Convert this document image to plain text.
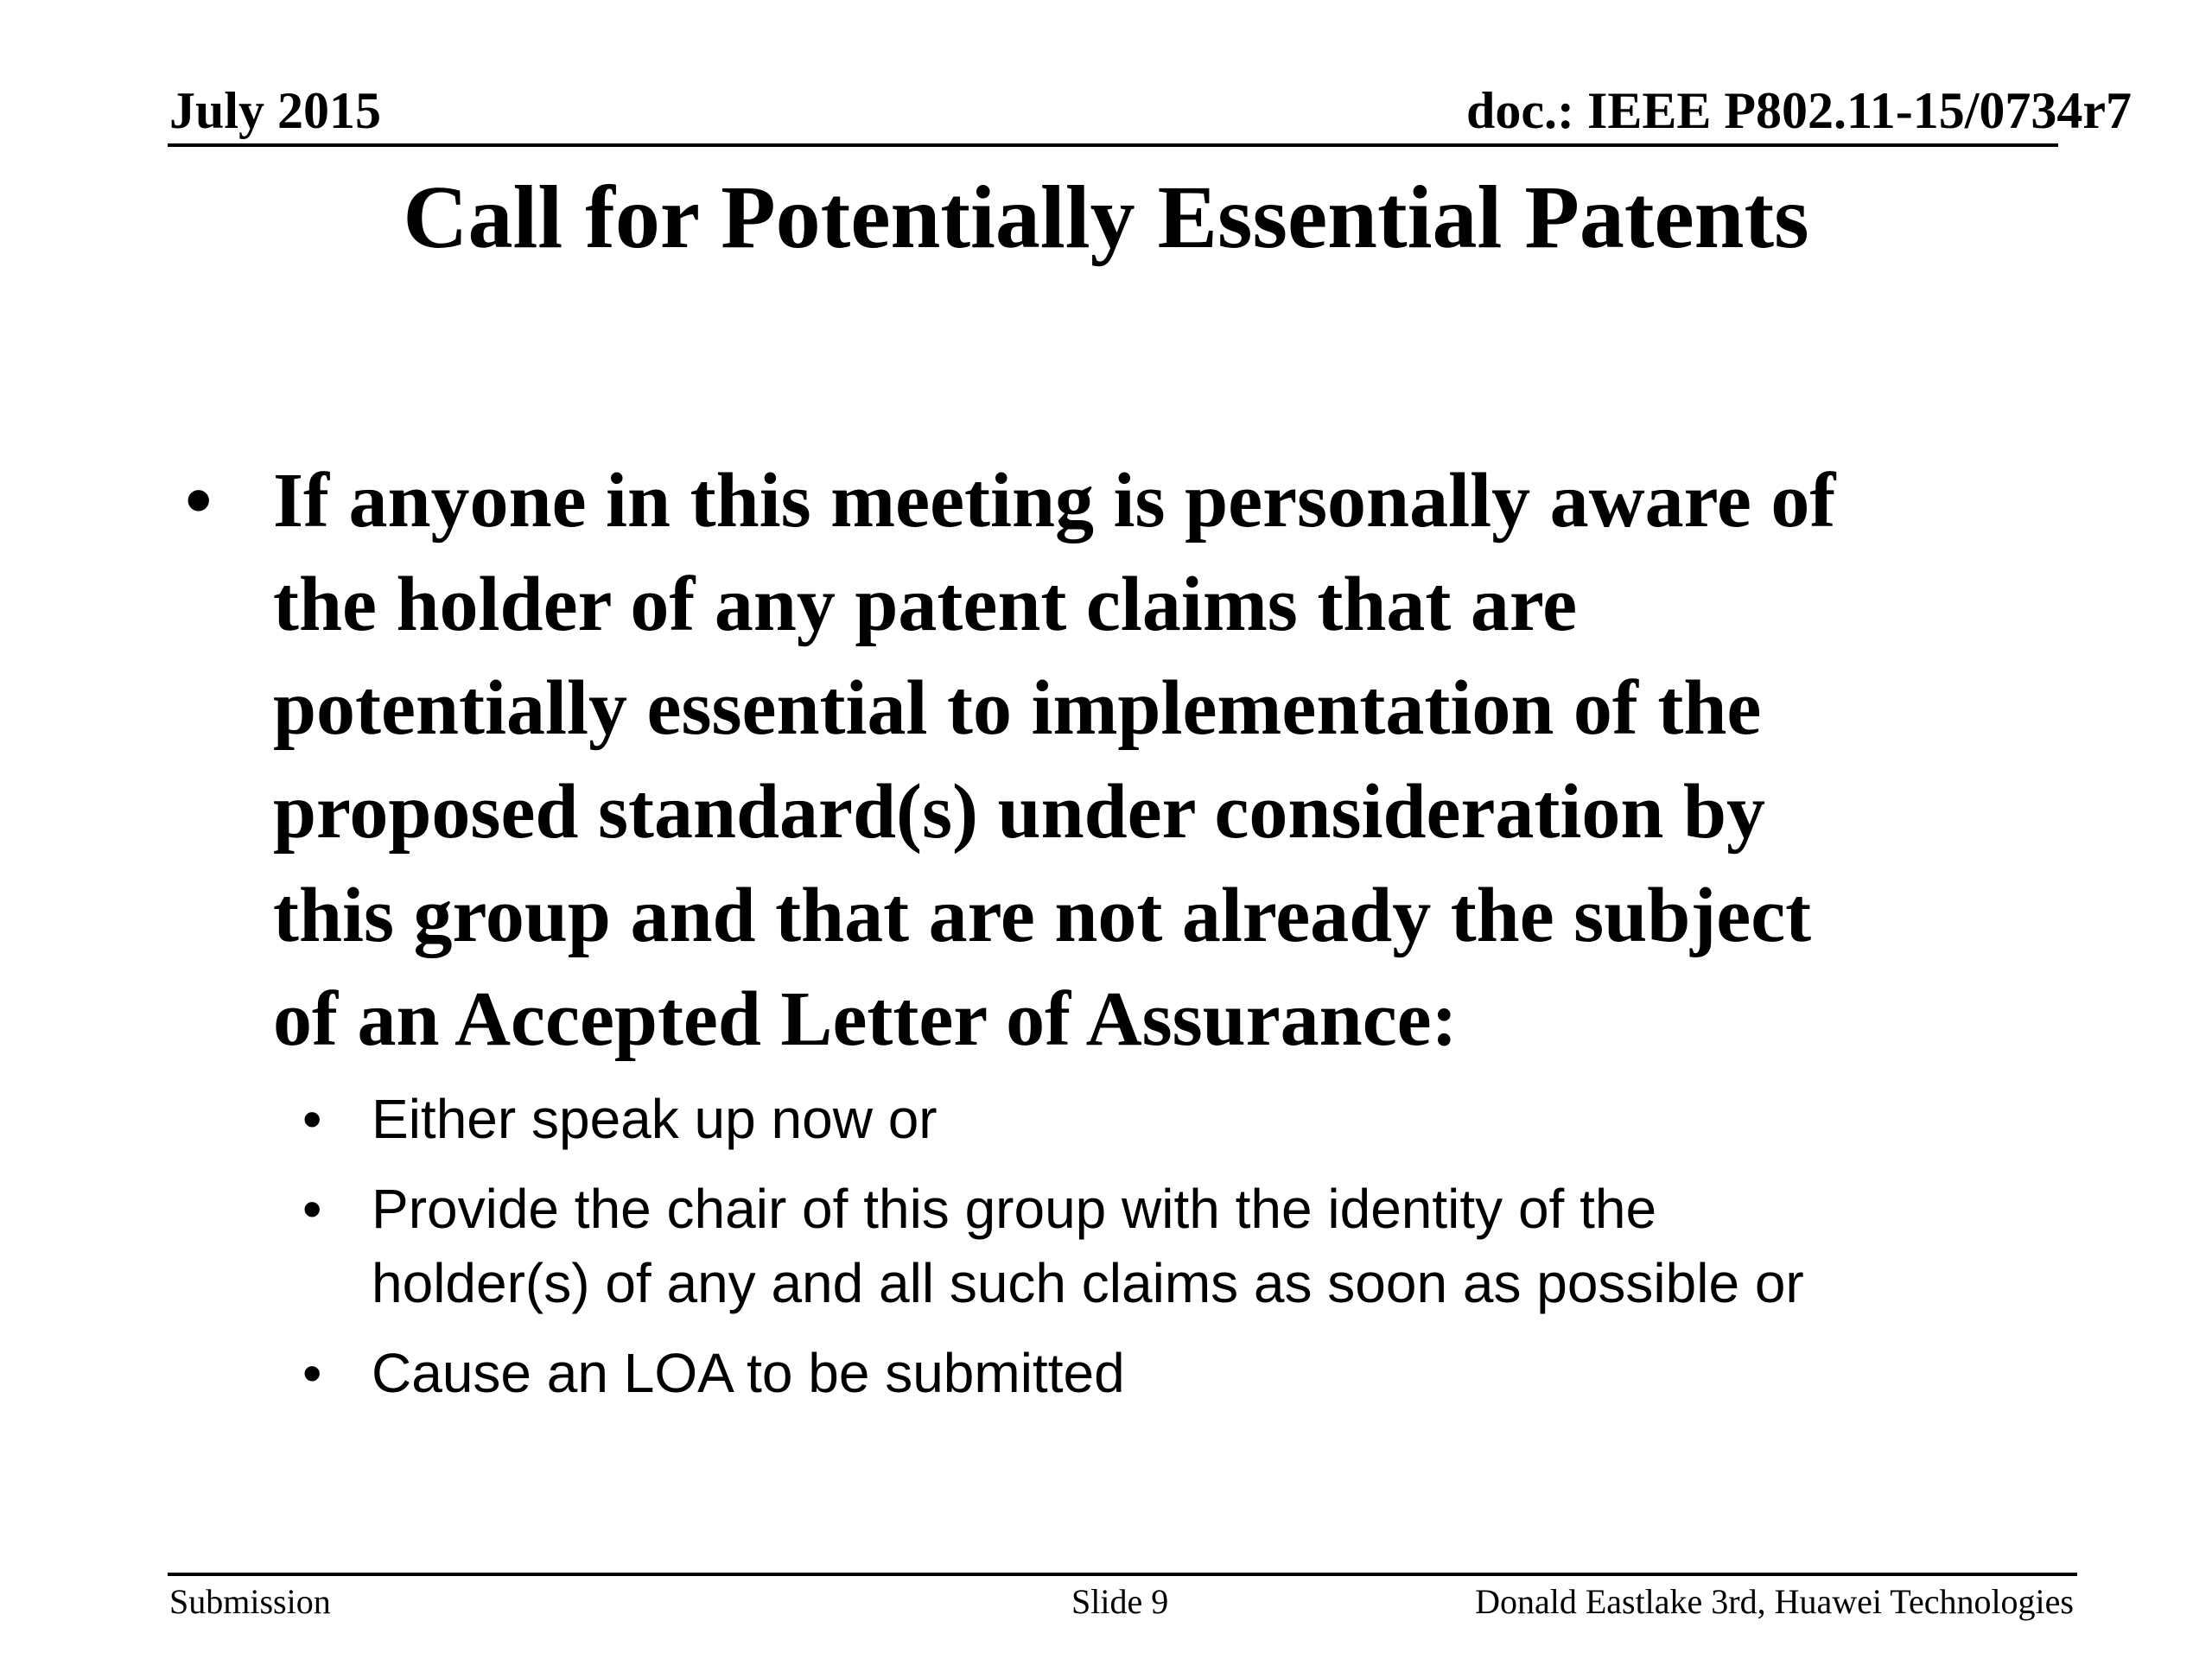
July 2015	doc.: IEEE P802.11-15/0734r7
Call for Potentially Essential Patents
• If anyone in this meeting is personally aware of
the holder of any patent claims that are
potentially essential to implementation of the
proposed standard(s) under consideration by
this group and that are not already the subject
of an Accepted Letter of Assurance:
• Either speak up now or
• Provide the chair of this group with the identity of the
holder(s) of any and all such claims as soon as possible or
• Cause an LOA to be submitted
Submission	Slide 9	Donald Eastlake 3rd, Huawei Technologies
